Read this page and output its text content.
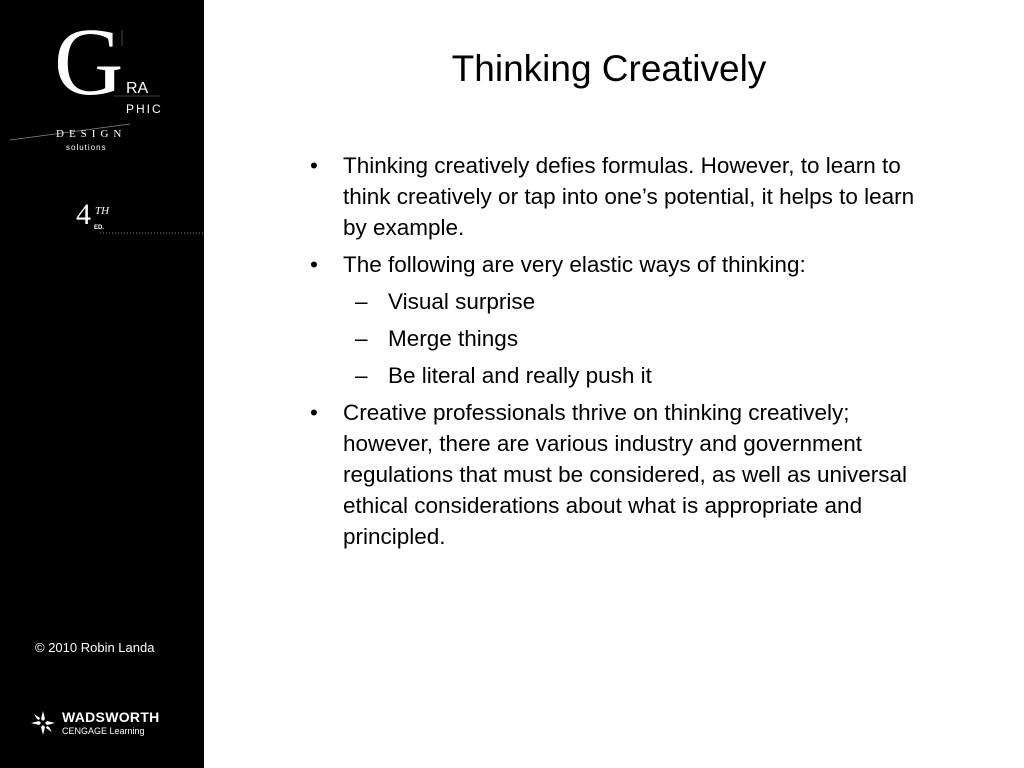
G RA
PHIC
DESIGN
solutions
4 TH
ED.
© 2010 Robin Landa
WADSWORTH
CENGAGE Learning
Thinking Creatively
• Thinking creatively defies formulas. However, to learn to think creatively or tap into one’s potential, it helps to learn by example.
• The following are very elastic ways of thinking:
– Visual surprise
– Merge things
– Be literal and really push it
• Creative professionals thrive on thinking creatively; however, there are various industry and government regulations that must be considered, as well as universal ethical considerations about what is appropriate and principled.
